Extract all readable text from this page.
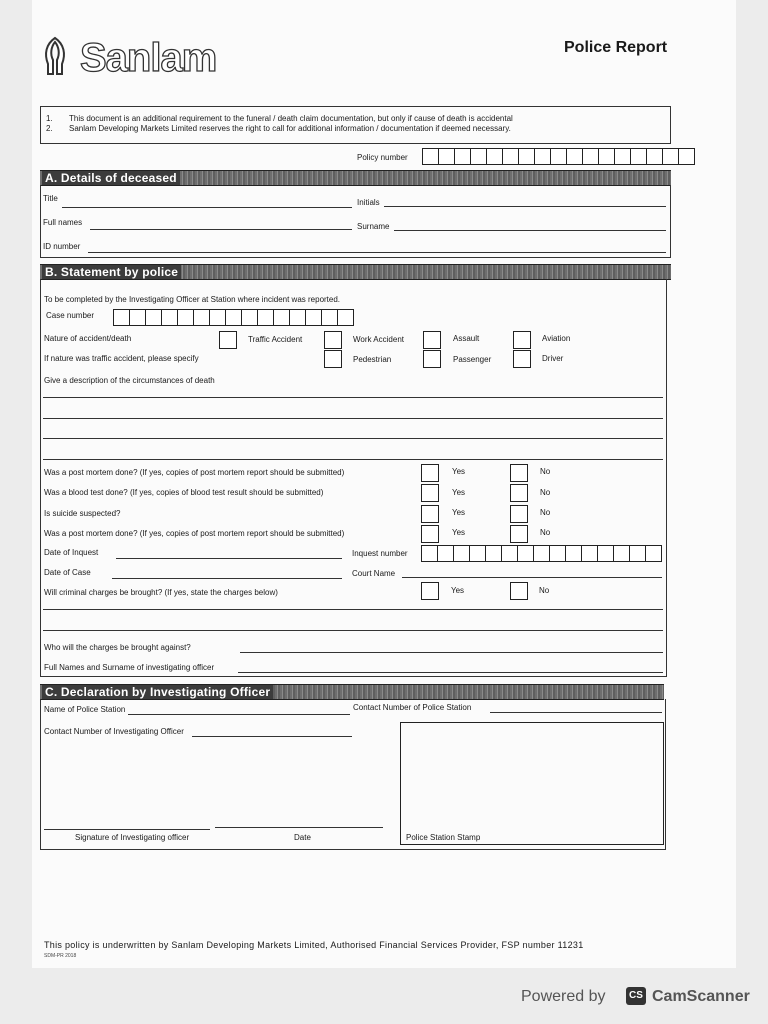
Sanlam	Police Report
1. This document is an additional requirement to the funeral / death claim documentation, but only if cause of death is accidental
2. Sanlam Developing Markets Limited reserves the right to call for additional information / documentation if deemed necessary.
Policy number
A. Details of deceased
Title	Initials
Full names	Surname
ID number
B. Statement by police
To be completed by the Investigating Officer at Station where incident was reported.
Case number
Nature of accident/death	Traffic Accident	Work Accident	Assault	Aviation
If nature was traffic accident, please specify	Pedestrian	Passenger	Driver
Give a description of the circumstances of death
Was a post mortem done? (If yes, copies of post mortem report should be submitted)	Yes	No
Was a blood test done? (If yes, copies of blood test result should be submitted)	Yes	No
Is suicide suspected?	Yes	No
Was a post mortem done? (If yes, copies of post mortem report should be submitted)	Yes	No
Date of Inquest	Inquest number
Date of Case	Court Name
Will criminal charges be brought? (If yes, state the charges below)	Yes	No
Who will the charges be brought against?
Full Names and Surname of investigating officer
C. Declaration by Investigating Officer
Name of Police Station	Contact Number of Police Station
Contact Number of Investigating Officer
Signature of Investigating officer	Date	Police Station Stamp
This policy is underwritten by Sanlam Developing Markets Limited, Authorised Financial Services Provider, FSP number 11231
SDM-PR 2018
Powered by	CS CamScanner
